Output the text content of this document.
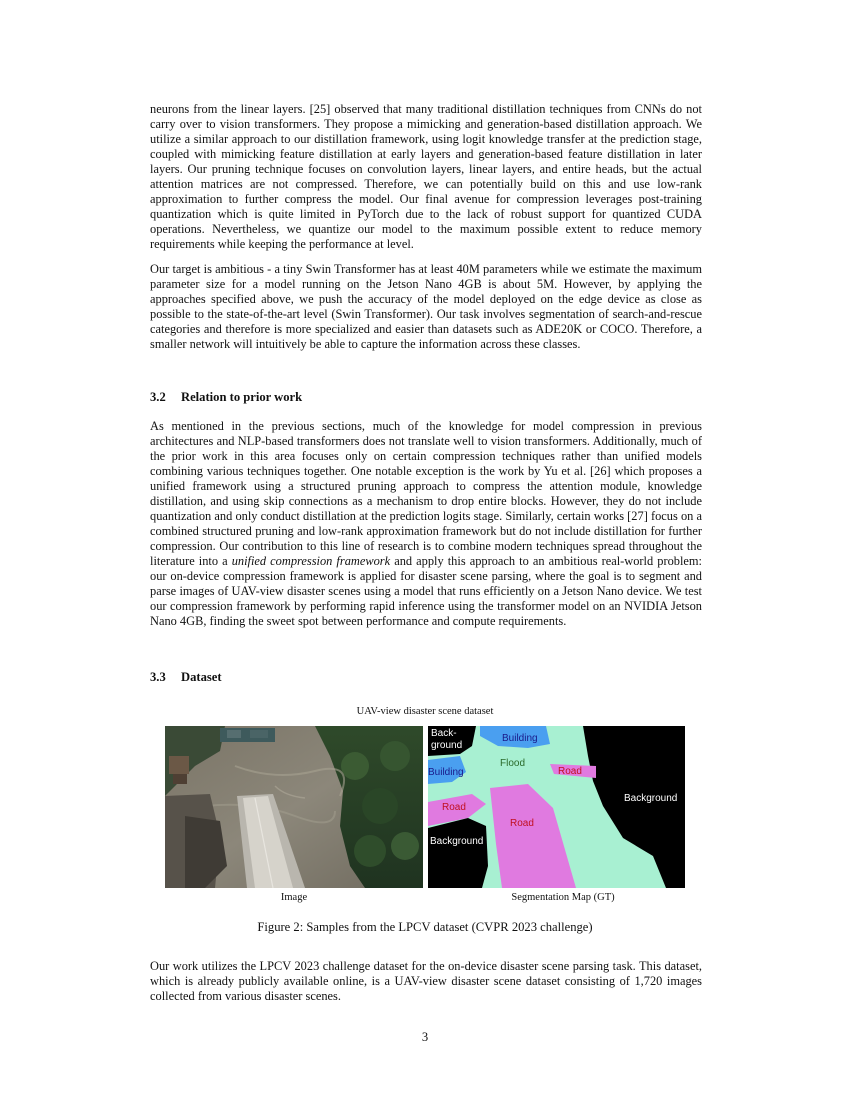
neurons from the linear layers. [25] observed that many traditional distillation techniques from CNNs do not carry over to vision transformers. They propose a mimicking and generation-based distillation approach. We utilize a similar approach to our distillation framework, using logit knowledge transfer at the prediction stage, coupled with mimicking feature distillation at early layers and generation-based feature distillation in later layers. Our pruning technique focuses on convolution layers, linear layers, and entire heads, but the actual attention matrices are not compressed. Therefore, we can potentially build on this and use low-rank approximation to further compress the model. Our final avenue for compression leverages post-training quantization which is quite limited in PyTorch due to the lack of robust support for quantized CUDA operations. Nevertheless, we quantize our model to the maximum possible extent to reduce memory requirements while keeping the performance at level.

Our target is ambitious - a tiny Swin Transformer has at least 40M parameters while we estimate the maximum parameter size for a model running on the Jetson Nano 4GB is about 5M. However, by applying the approaches specified above, we push the accuracy of the model deployed on the edge device as close as possible to the state-of-the-art level (Swin Transformer). Our task involves segmentation of search-and-rescue categories and therefore is more specialized and easier than datasets such as ADE20K or COCO. Therefore, a smaller network will intuitively be able to capture the information across these classes.

3.2 Relation to prior work

As mentioned in the previous sections, much of the knowledge for model compression in previous architectures and NLP-based transformers does not translate well to vision transformers. Additionally, much of the prior work in this area focuses only on certain compression techniques rather than unified models combining various techniques together. One notable exception is the work by Yu et al. [26] which proposes a unified framework using a structured pruning approach to compress the attention module, knowledge distillation, and using skip connections as a mechanism to drop entire blocks. However, they do not include quantization and only conduct distillation at the prediction logits stage. Similarly, certain works [27] focus on a combined structured pruning and low-rank approximation framework but do not include distillation for further compression. Our contribution to this line of research is to combine modern techniques spread throughout the literature into a unified compression framework and apply this approach to an ambitious real-world problem: our on-device compression framework is applied for disaster scene parsing, where the goal is to segment and parse images of UAV-view disaster scenes using a model that runs efficiently on a Jetson Nano device. We test our compression framework by performing rapid inference using the transformer model on an NVIDIA Jetson Nano 4GB, finding the sweet spot between performance and compute requirements.

3.3 Dataset
UAV-view disaster scene dataset
Image
Back-ground
Building
Building
Flood
Road
Background
Road
Road
Background
Segmentation Map (GT)
Figure 2: Samples from the LPCV dataset (CVPR 2023 challenge)

Our work utilizes the LPCV 2023 challenge dataset for the on-device disaster scene parsing task. This dataset, which is already publicly available online, is a UAV-view disaster scene dataset consisting of 1,720 images collected from various disaster scenes.

3
